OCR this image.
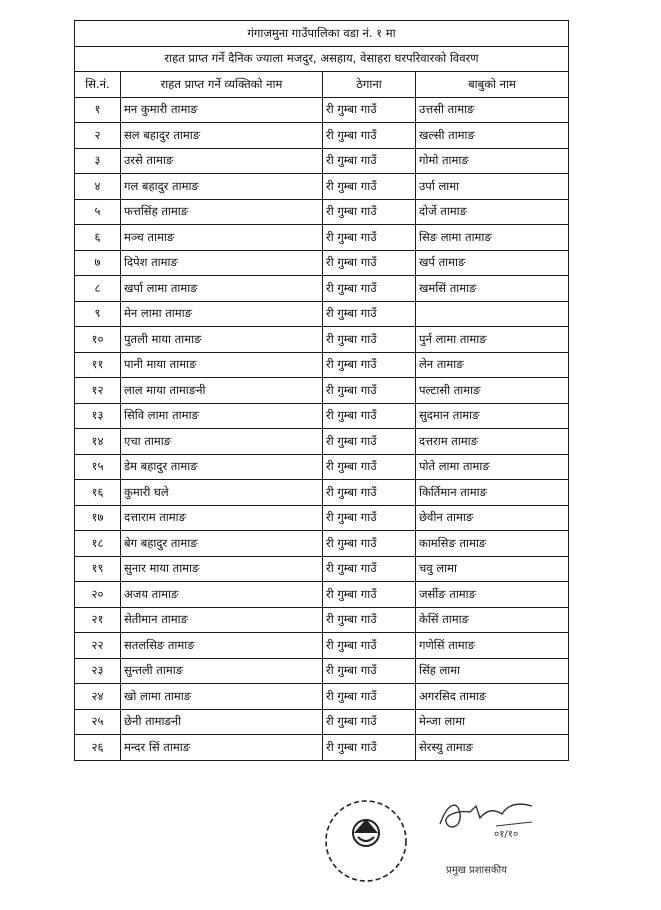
गंगाजमुना गाउँपालिका वडा नं. १ मा			
राहत प्राप्त गर्ने दैनिक ज्याला मजदुर, असहाय, वेसाहरा घरपरिवारको विवरण			
सि.नं.	राहत प्राप्त गर्ने व्यक्तिको नाम	ठेगाना	बाबुको नाम
१	मन कुमारी तामाङ	री गुम्बा गाउँ	उत्तसी तामाङ
२	सल बहादुर तामाङ	री गुम्बा गाउँ	खल्सी तामाङ
३	उरसे तामाङ	री गुम्बा गाउँ	गोमो तामाङ
४	गल बहादुर तामाङ	री गुम्बा गाउँ	उर्पा लामा
५	फत्तसिंह तामाङ	री गुम्बा गाउँ	दोर्जे तामाङ
६	मञ्च तामाङ	री गुम्बा गाउँ	सिङ लामा तामाङ
७	दिपेश तामाङ	री गुम्बा गाउँ	खर्प तामाङ
८	खर्पा लामा तामाङ	री गुम्बा गाउँ	खमसिं तामाङ
९	मेन लामा तामाङ	री गुम्बा गाउँ	
१०	पुतली माया तामाङ	री गुम्बा गाउँ	पुर्न लामा तामाङ
११	पानी माया तामाङ	री गुम्बा गाउँ	लेन तामाङ
१२	लाल माया तामाङनी	री गुम्बा गाउँ	पल्टासी तामाङ
१३	सिवि लामा तामाङ	री गुम्बा गाउँ	सुदमान तामाङ
१४	एचा तामाङ	री गुम्बा गाउँ	दत्तराम तामाङ
१५	डेम बहादुर तामाङ	री गुम्बा गाउँ	पोते लामा तामाङ
१६	कुमारी घले	री गुम्बा गाउँ	किर्तिमान तामाङ
१७	दत्ताराम तामाङ	री गुम्बा गाउँ	छेवीन तामाङ
१८	बेग बहादुर तामाङ	री गुम्बा गाउँ	कामसिङ तामाङ
१९	सुनार माया तामाङ	री गुम्बा गाउँ	चवु लामा
२०	अजय तामाङ	री गुम्बा गाउँ	जर्सीङ तामाङ
२१	सेतीमान तामाङ	री गुम्बा गाउँ	केसिं तामाङ
२२	सतलसिङ तामाङ	री गुम्बा गाउँ	गणेसिं तामाङ
२३	सुन्तली तामाङ	री गुम्बा गाउँ	सिंह लामा
२४	खो लामा तामाङ	री गुम्बा गाउँ	अगरसिद तामाङ
२५	छेनी तामाङनी	री गुम्बा गाउँ	मेन्जा लामा
२६	मन्दर सिं तामाङ	री गुम्बा गाउँ	सेरस्यु तामाङ
०१/१०
प्रमुख प्रशासकीय
